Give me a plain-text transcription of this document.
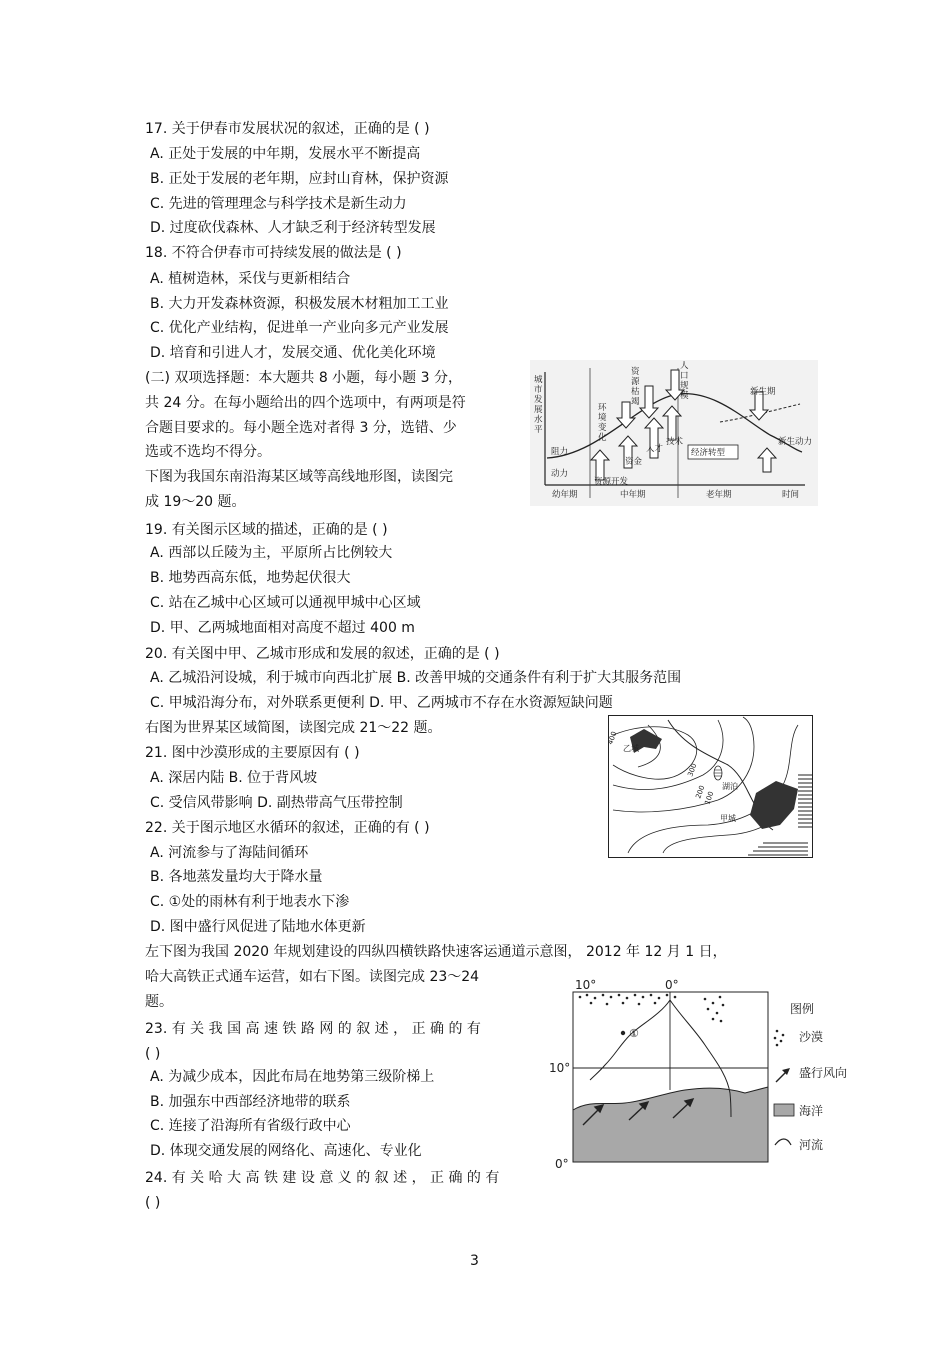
17. 关于伊春市发展状况的叙述，正确的是 ( )
A. 正处于发展的中年期，发展水平不断提高
B. 正处于发展的老年期，应封山育林，保护资源
C. 先进的管理理念与科学技术是新生动力
D. 过度砍伐森林、人才缺乏利于经济转型发展
18. 不符合伊春市可持续发展的做法是 ( )
A. 植树造林，采伐与更新相结合
B. 大力开发森林资源，积极发展木材粗加工工业
C. 优化产业结构，促进单一产业向多元产业发展
D. 培育和引进人才，发展交通、优化美化环境
(二) 双项选择题：本大题共 8 小题，每小题 3 分，
共 24 分。在每小题给出的四个选项中，有两项是符
合题目要求的。每小题全选对者得 3 分，选错、少
选或不选均不得分。
下图为我国东南沿海某区域等高线地形图，读图完
成 19～20 题。
19. 有关图示区域的描述，正确的是 ( )
A. 西部以丘陵为主，平原所占比例较大
B. 地势西高东低，地势起伏很大
C. 站在乙城中心区域可以通视甲城中心区域
D. 甲、乙两城地面相对高度不超过 400 m
20. 有关图中甲、乙城市形成和发展的叙述，正确的是 ( )
A. 乙城沿河设城，利于城市向西北扩展 B. 改善甲城的交通条件有利于扩大其服务范围
C. 甲城沿海分布，对外联系更便利 D. 甲、乙两城市不存在水资源短缺问题
右图为世界某区域简图，读图完成 21～22 题。
21. 图中沙漠形成的主要原因有 ( )
A. 深居内陆 B. 位于背风坡
C. 受信风带影响 D. 副热带高气压带控制
22. 关于图示地区水循环的叙述，正确的有 ( )
A. 河流参与了海陆间循环
B. 各地蒸发量均大于降水量
C. ①处的雨林有利于地表水下渗
D. 图中盛行风促进了陆地水体更新
左下图为我国 2020 年规划建设的四纵四横铁路快速客运通道示意图， 2012 年 12 月 1 日，
哈大高铁正式通车运营，如右下图。读图完成 23～24
题。
23. 有 关 我 国 高 速 铁 路 网 的 叙 述 ， 正 确 的 有
( )
A. 为减少成本，因此布局在地势第三级阶梯上
B. 加强东中西部经济地带的联系
C. 连接了沿海所有省级行政中心
D. 体现交通发展的网络化、高速化、专业化
24. 有 关 哈 大 高 铁 建 设 意 义 的 叙 述 ， 正 确 的 有
( )
3
城
市
发
展
水
平
阻力
动力
资源开发
资金
人才
技术
新生期
新生动力
环
境
变
化
资
源
枯
竭
人
口
规
模
幼年期	中年期	老年期	时间
经济转型
乙城
甲城
湖泊
400
300
200
100
①
10°	0°
10°
0°
图例
沙漠
盛行风向
海洋
河流
